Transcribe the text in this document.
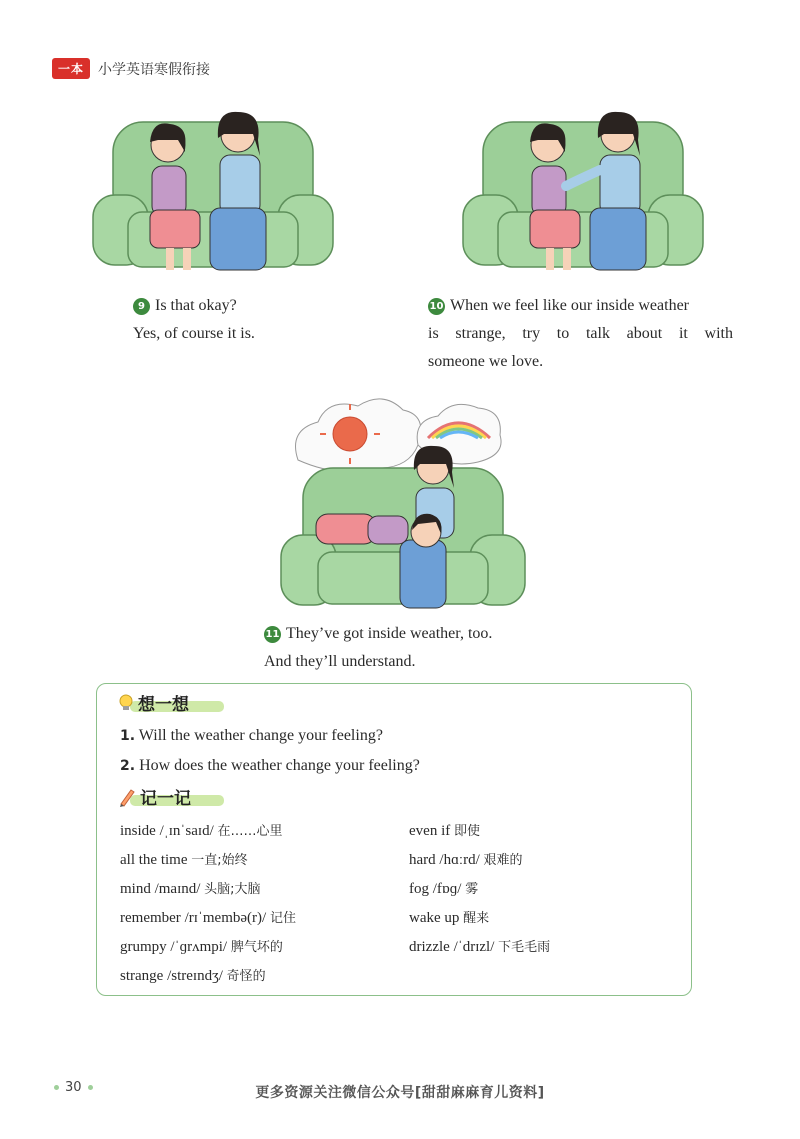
一本	小学英语寒假衔接
9 Is that okay?
Yes, of course it is.
10 When we feel like our inside weather
is strange, try to talk about it with
someone we love.
11 They’ve got inside weather, too.
And they’ll understand.
想一想
1. Will the weather change your feeling?
2. How does the weather change your feeling?
记一记
inside /ˌɪnˈsaɪd/ 在……心里
all the time 一直;始终
mind /maɪnd/ 头脑;大脑
remember /rɪˈmembə(r)/ 记住
grumpy /ˈɡrʌmpi/ 脾气坏的
strange /streɪndʒ/ 奇怪的
even if 即使
hard /hɑːrd/ 艰难的
fog /fɒɡ/ 雾
wake up 醒来
drizzle /ˈdrɪzl/ 下毛毛雨
30	更多资源关注微信公众号[甜甜麻麻育儿资料]
